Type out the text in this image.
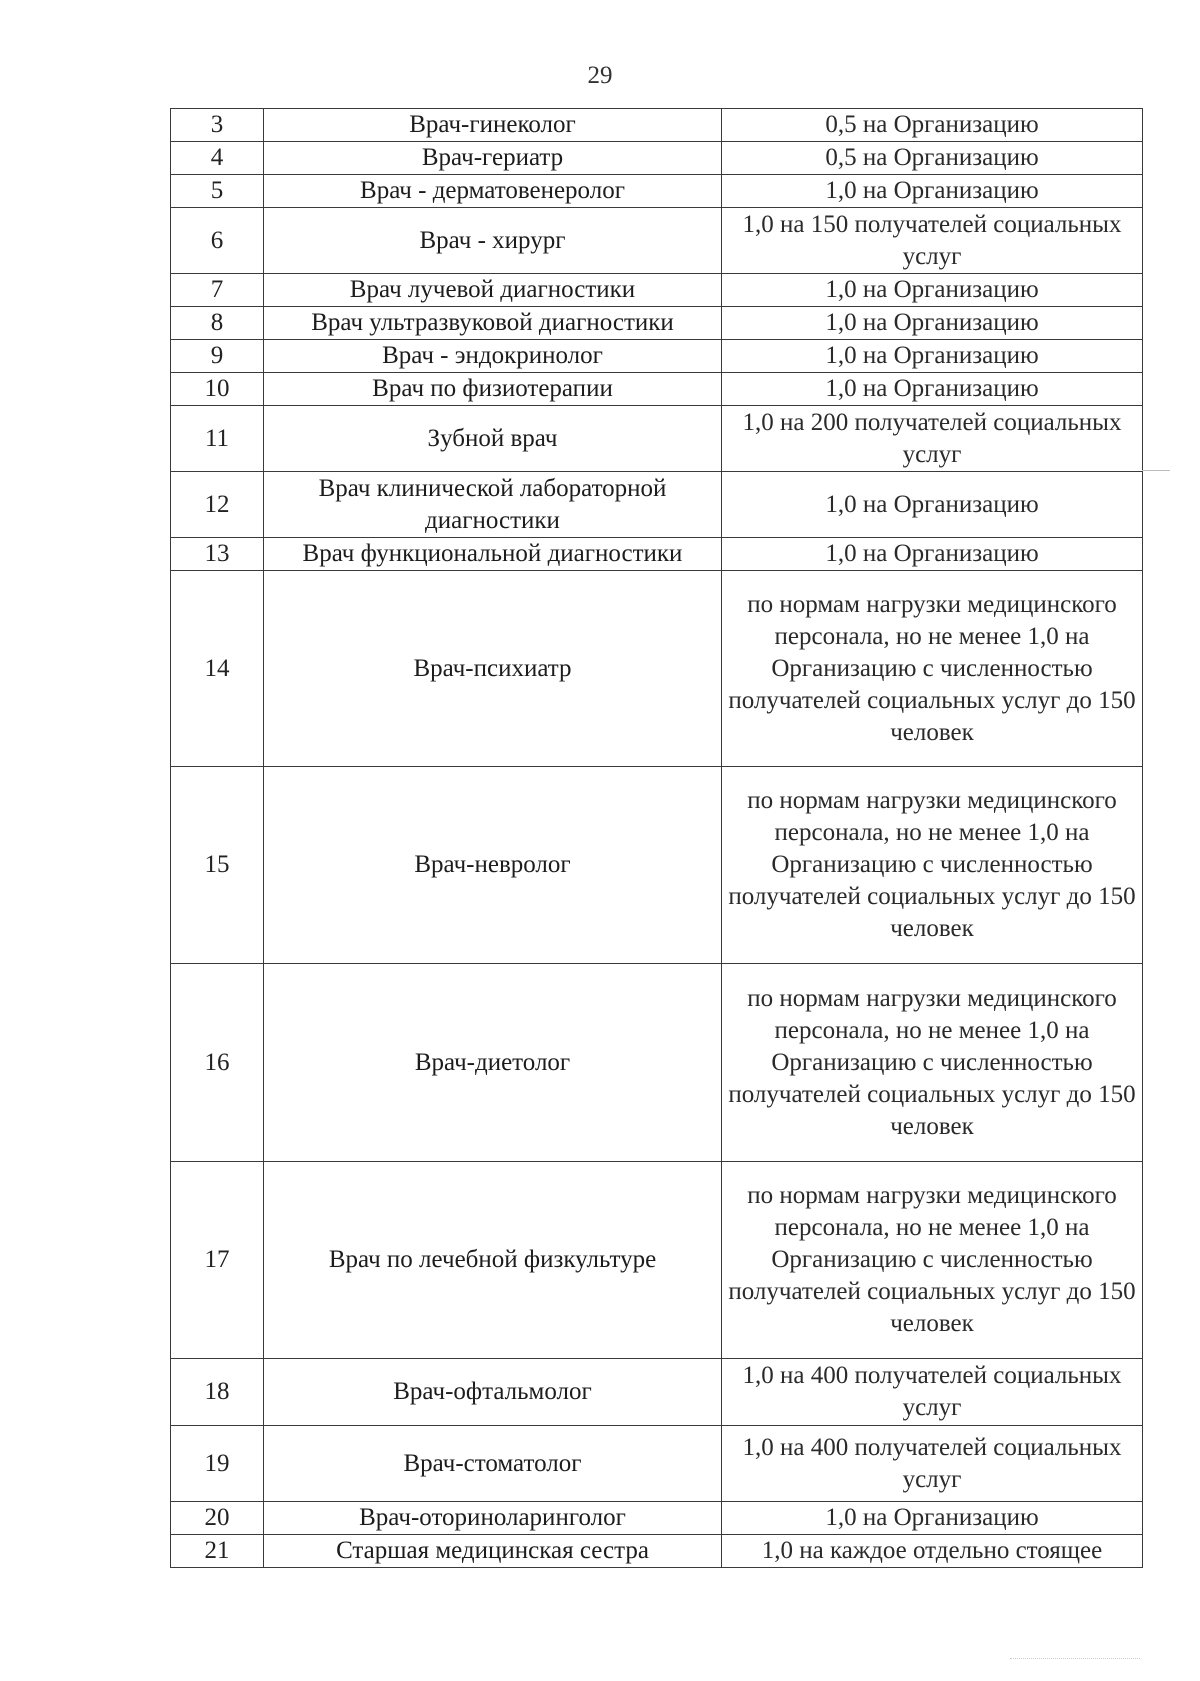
29
3	Врач-гинеколог	0,5 на Организацию
4	Врач-гериатр	0,5 на Организацию
5	Врач - дерматовенеролог	1,0 на Организацию
6	Врач - хирург	1,0 на 150 получателей социальных услуг
7	Врач лучевой диагностики	1,0 на Организацию
8	Врач ультразвуковой диагностики	1,0 на Организацию
9	Врач - эндокринолог	1,0 на Организацию
10	Врач по физиотерапии	1,0 на Организацию
11	Зубной врач	1,0 на 200 получателей социальных услуг
12	Врач клинической лабораторной диагностики	1,0 на Организацию
13	Врач функциональной диагностики	1,0 на Организацию
14	Врач-психиатр	по нормам нагрузки медицинского персонала, но не менее 1,0 на Организацию с численностью получателей социальных услуг до 150 человек
15	Врач-невролог	по нормам нагрузки медицинского персонала, но не менее 1,0 на Организацию с численностью получателей социальных услуг до 150 человек
16	Врач-диетолог	по нормам нагрузки медицинского персонала, но не менее 1,0 на Организацию с численностью получателей социальных услуг до 150 человек
17	Врач по лечебной физкультуре	по нормам нагрузки медицинского персонала, но не менее 1,0 на Организацию с численностью получателей социальных услуг до 150 человек
18	Врач-офтальмолог	1,0 на 400 получателей социальных услуг
19	Врач-стоматолог	1,0 на 400 получателей социальных услуг
20	Врач-оториноларинголог	1,0 на Организацию
21	Старшая медицинская сестра	1,0 на каждое отдельно стоящее
